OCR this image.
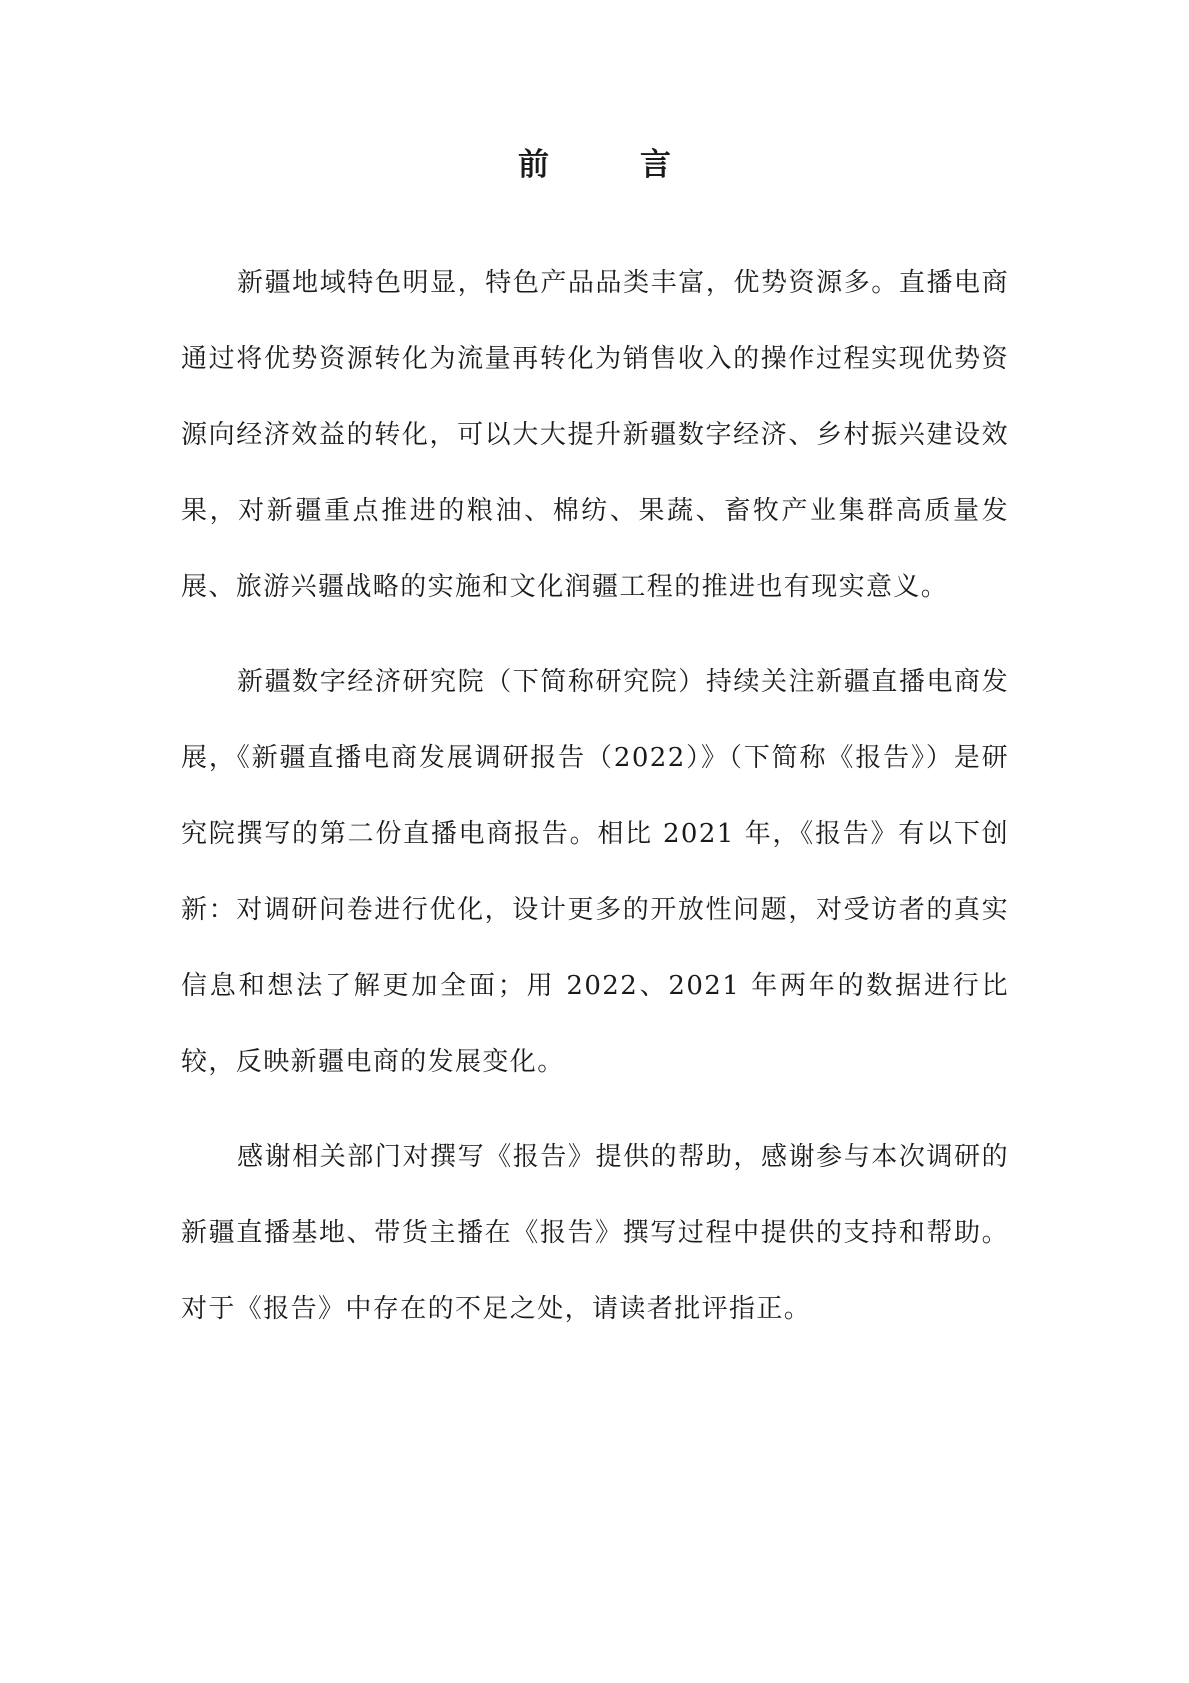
前　言

新疆地域特色明显，特色产品品类丰富，优势资源多。直播电商通过将优势资源转化为流量再转化为销售收入的操作过程实现优势资源向经济效益的转化，可以大大提升新疆数字经济、乡村振兴建设效果，对新疆重点推进的粮油、棉纺、果蔬、畜牧产业集群高质量发展、旅游兴疆战略的实施和文化润疆工程的推进也有现实意义。

新疆数字经济研究院（下简称研究院）持续关注新疆直播电商发展，《新疆直播电商发展调研报告（2022）》（下简称《报告》）是研究院撰写的第二份直播电商报告。相比 2021 年，《报告》有以下创新：对调研问卷进行优化，设计更多的开放性问题，对受访者的真实信息和想法了解更加全面；用 2022、2021 年两年的数据进行比较，反映新疆电商的发展变化。

感谢相关部门对撰写《报告》提供的帮助，感谢参与本次调研的新疆直播基地、带货主播在《报告》撰写过程中提供的支持和帮助。对于《报告》中存在的不足之处，请读者批评指正。
